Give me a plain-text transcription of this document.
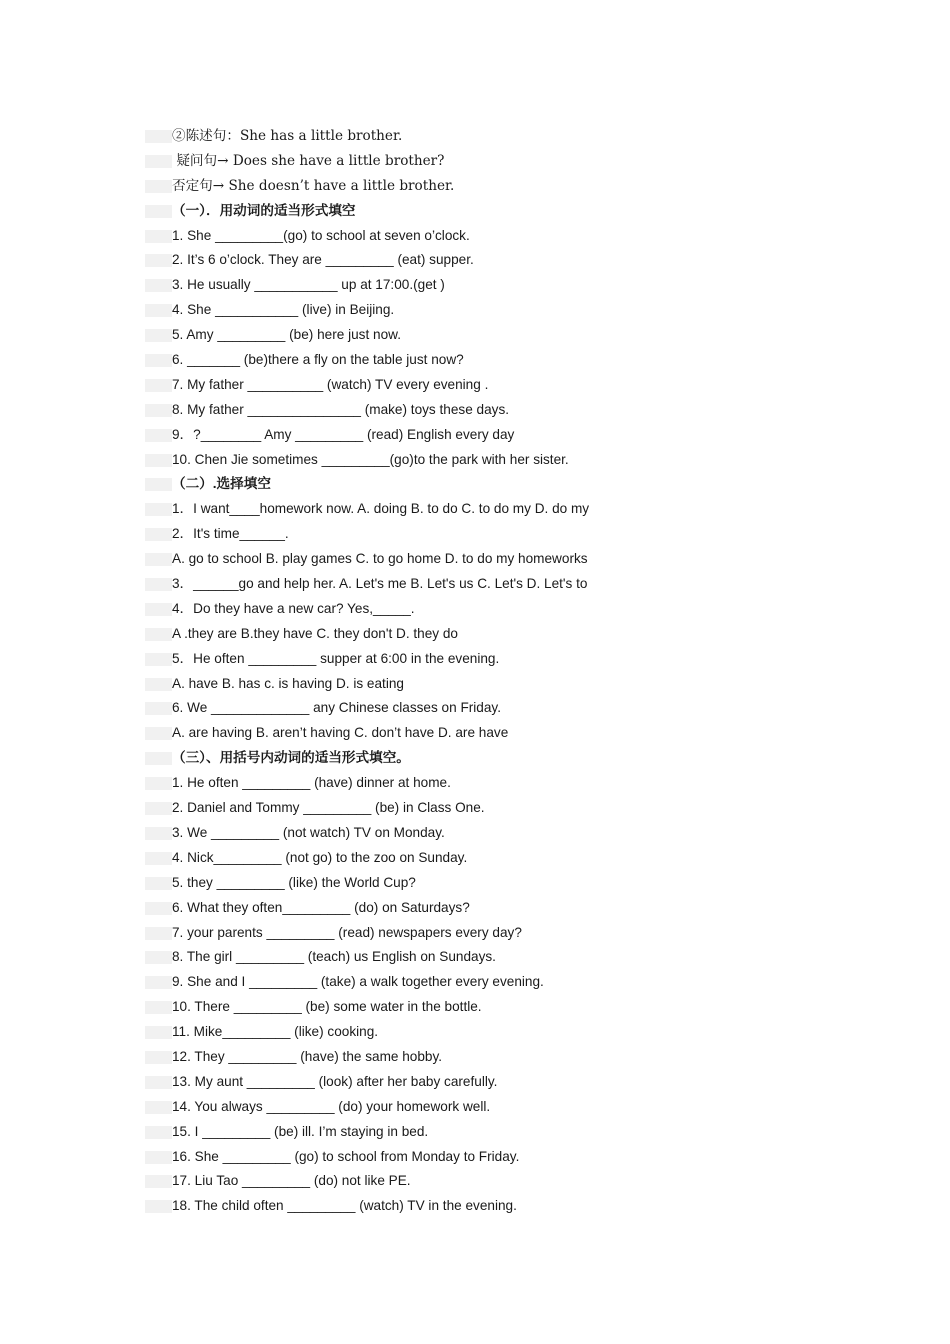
②陈述句：She has a little brother.
疑问句→ Does she have a little brother?
否定句→ She doesn’t have a little brother.
（一）．用动词的适当形式填空
1. She _________(go) to school at seven o’clock.
2. It’s 6 o’clock. They are _________ (eat) supper.
3. He usually ___________ up at 17:00.(get )
4. She ___________ (live) in Beijing.
5. Amy _________ (be) here just now.
6. _______ (be)there a fly on the table just now?
7. My father __________ (watch) TV every evening .
8. My father _______________ (make) toys these days.
9．?________ Amy _________ (read) English every day
10. Chen Jie sometimes _________(go)to the park with her sister.
（二）.选择填空
1．I want____homework now. A. doing B. to do C. to do my D. do my
2．It's time______.
A. go to school B. play games C. to go home D. to do my homeworks
3．______go and help her. A. Let's me B. Let's us C. Let's D. Let's to
4．Do they have a new car? Yes,_____.
A .they are B.they have C. they don't D. they do
5．He often _________ supper at 6:00 in the evening.
A. have B. has c. is having D. is eating
6. We _____________ any Chinese classes on Friday.
A. are having B. aren’t having C. don’t have D. are have
（三）、用括号内动词的适当形式填空。
1. He often _________ (have) dinner at home.
2. Daniel and Tommy _________ (be) in Class One.
3. We _________ (not watch) TV on Monday.
4. Nick_________ (not go) to the zoo on Sunday.
5. they _________ (like) the World Cup?
6. What they often_________ (do) on Saturdays?
7. your parents _________ (read) newspapers every day?
8. The girl _________ (teach) us English on Sundays.
9. She and I _________ (take) a walk together every evening.
10. There _________ (be) some water in the bottle.
11. Mike_________ (like) cooking.
12. They _________ (have) the same hobby.
13. My aunt _________ (look) after her baby carefully.
14. You always _________ (do) your homework well.
15. I _________ (be) ill. I’m staying in bed.
16. She _________ (go) to school from Monday to Friday.
17. Liu Tao _________ (do) not like PE.
18. The child often _________ (watch) TV in the evening.
